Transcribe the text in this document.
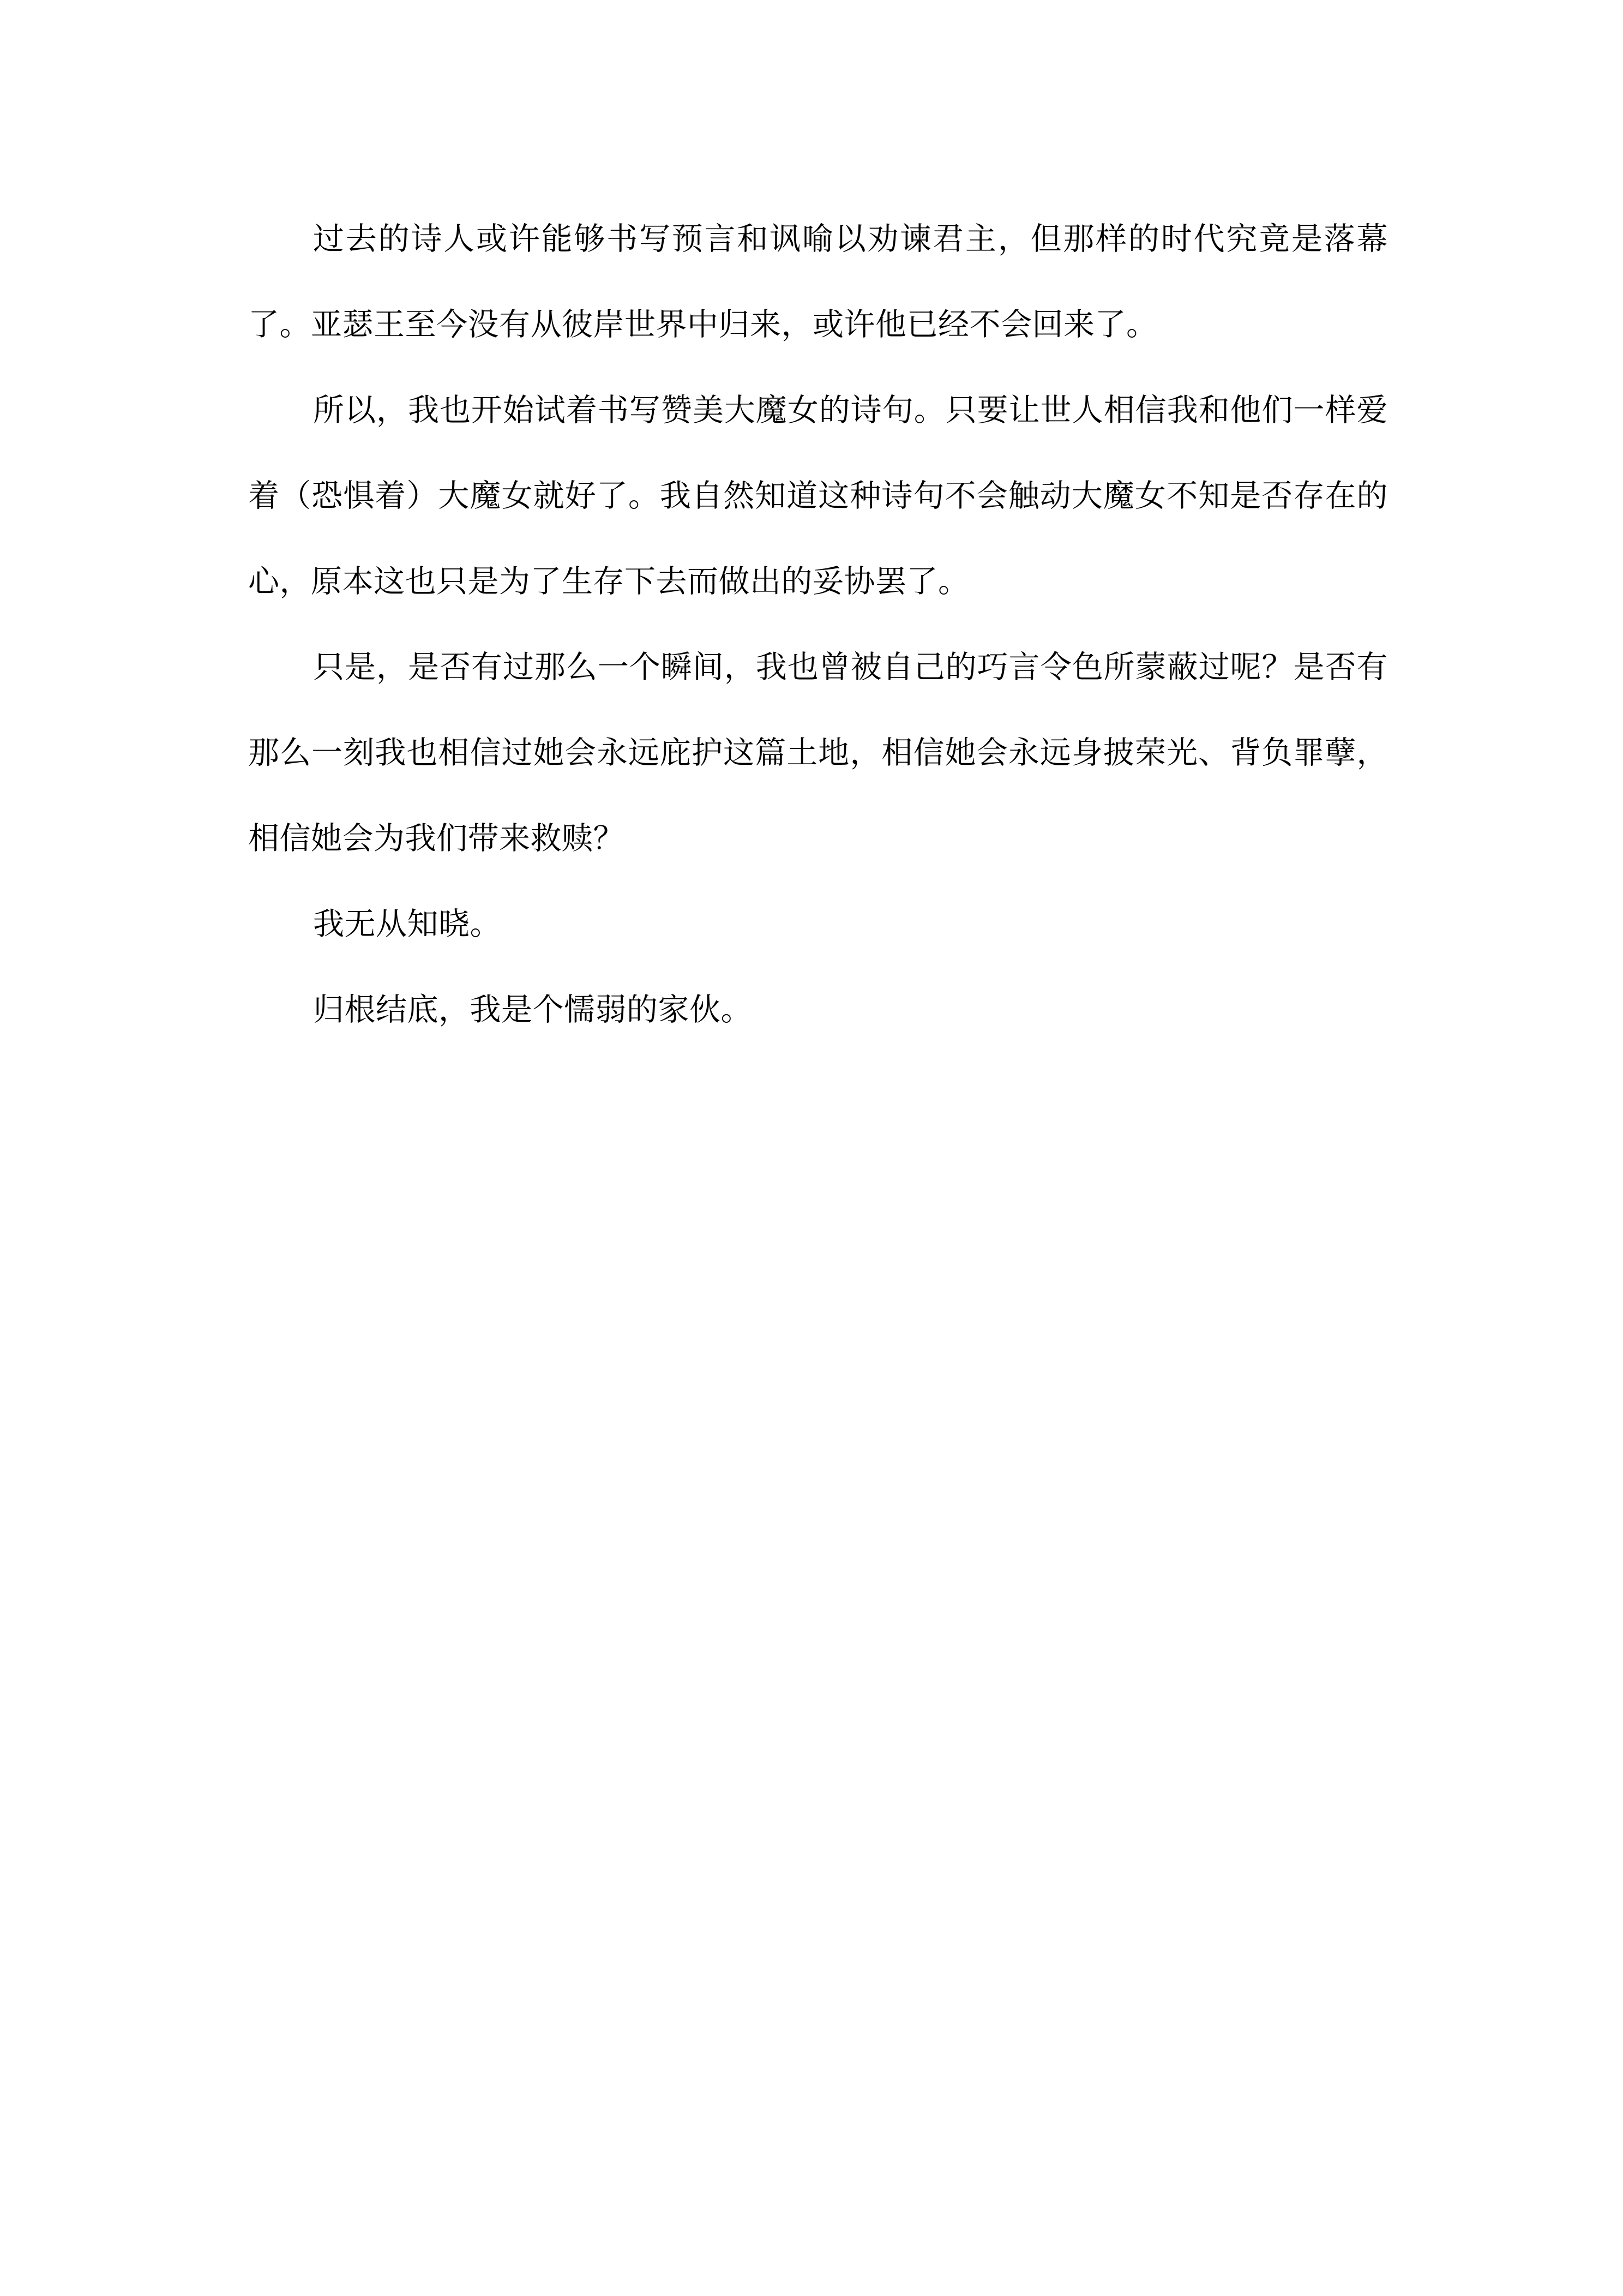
过去的诗人或许能够书写预言和讽喻以劝谏君主，但那样的时代究竟是落幕了。亚瑟王至今没有从彼岸世界中归来，或许他已经不会回来了。

所以，我也开始试着书写赞美大魔女的诗句。只要让世人相信我和他们一样爱着（恐惧着）大魔女就好了。我自然知道这种诗句不会触动大魔女不知是否存在的心，原本这也只是为了生存下去而做出的妥协罢了。

只是，是否有过那么一个瞬间，我也曾被自己的巧言令色所蒙蔽过呢？是否有那么一刻我也相信过她会永远庇护这篇土地，相信她会永远身披荣光、背负罪孽，相信她会为我们带来救赎？

我无从知晓。

归根结底，我是个懦弱的家伙。
